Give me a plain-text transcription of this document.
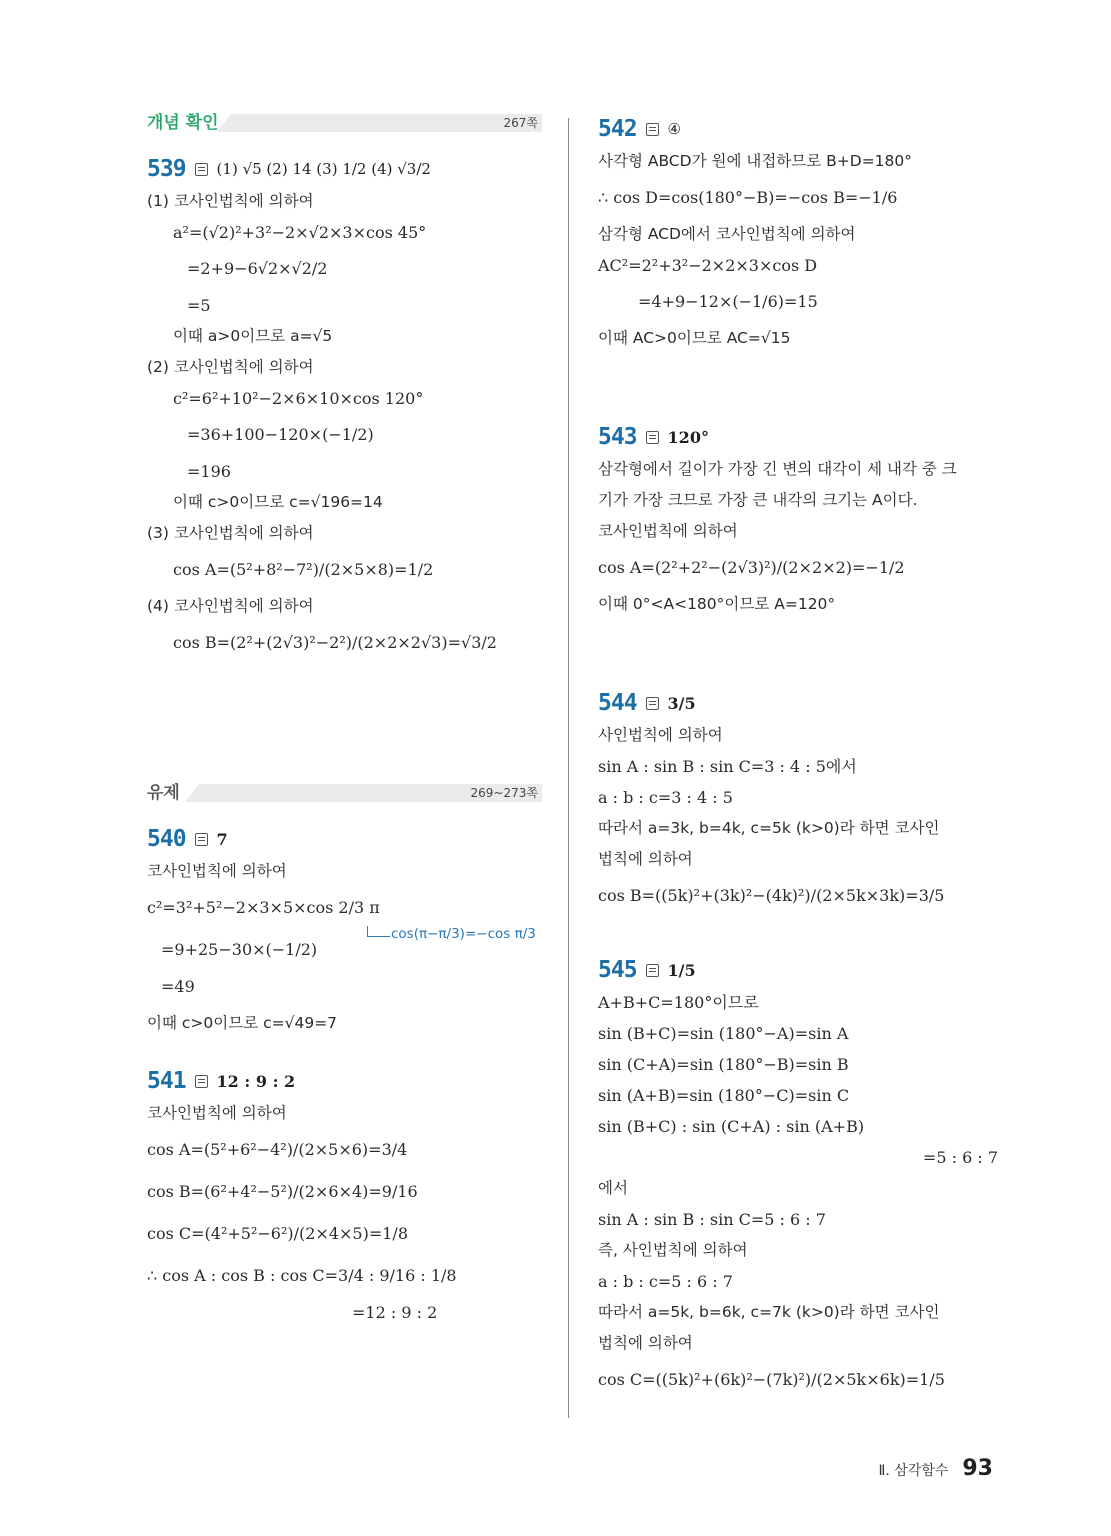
개념 확인	267쪽
539 (1) √5 (2) 14 (3) 1/2 (4) √3/2
(1) 코사인법칙에 의하여
a²=(√2)²+3²−2×√2×3×cos 45°
=2+9−6√2×√2/2
=5
이때 a>0이므로 a=√5
(2) 코사인법칙에 의하여
c²=6²+10²−2×6×10×cos 120°
=36+100−120×(−1/2)
=196
이때 c>0이므로 c=√196=14
(3) 코사인법칙에 의하여
cos A=(5²+8²−7²)/(2×5×8)=1/2
(4) 코사인법칙에 의하여
cos B=(2²+(2√3)²−2²)/(2×2×2√3)=√3/2
유제	269~273쪽
540 7
코사인법칙에 의하여
c²=3²+5²−2×3×5×cos 2/3 π
=9+25−30×(−1/2)
=49
이때 c>0이므로 c=√49=7
cos(π−π/3)=−cos π/3
541 12 : 9 : 2
코사인법칙에 의하여
cos A=(5²+6²−4²)/(2×5×6)=3/4
cos B=(6²+4²−5²)/(2×6×4)=9/16
cos C=(4²+5²−6²)/(2×4×5)=1/8
∴ cos A : cos B : cos C=3/4 : 9/16 : 1/8
=12 : 9 : 2
542 ④
사각형 ABCD가 원에 내접하므로 B+D=180°
∴ cos D=cos(180°−B)=−cos B=−1/6
삼각형 ACD에서 코사인법칙에 의하여
AC²=2²+3²−2×2×3×cos D
=4+9−12×(−1/6)=15
이때 AC>0이므로 AC=√15
543 120°
삼각형에서 길이가 가장 긴 변의 대각이 세 내각 중 크
기가 가장 크므로 가장 큰 내각의 크기는 A이다.
코사인법칙에 의하여
cos A=(2²+2²−(2√3)²)/(2×2×2)=−1/2
이때 0°<A<180°이므로 A=120°
544 3/5
사인법칙에 의하여
sin A : sin B : sin C=3 : 4 : 5에서
a : b : c=3 : 4 : 5
따라서 a=3k, b=4k, c=5k (k>0)라 하면 코사인
법칙에 의하여
cos B=((5k)²+(3k)²−(4k)²)/(2×5k×3k)=3/5
545 1/5
A+B+C=180°이므로
sin (B+C)=sin (180°−A)=sin A
sin (C+A)=sin (180°−B)=sin B
sin (A+B)=sin (180°−C)=sin C
sin (B+C) : sin (C+A) : sin (A+B)
=5 : 6 : 7
에서
sin A : sin B : sin C=5 : 6 : 7
즉, 사인법칙에 의하여
a : b : c=5 : 6 : 7
따라서 a=5k, b=6k, c=7k (k>0)라 하면 코사인
법칙에 의하여
cos C=((5k)²+(6k)²−(7k)²)/(2×5k×6k)=1/5
Ⅱ. 삼각함수 93
